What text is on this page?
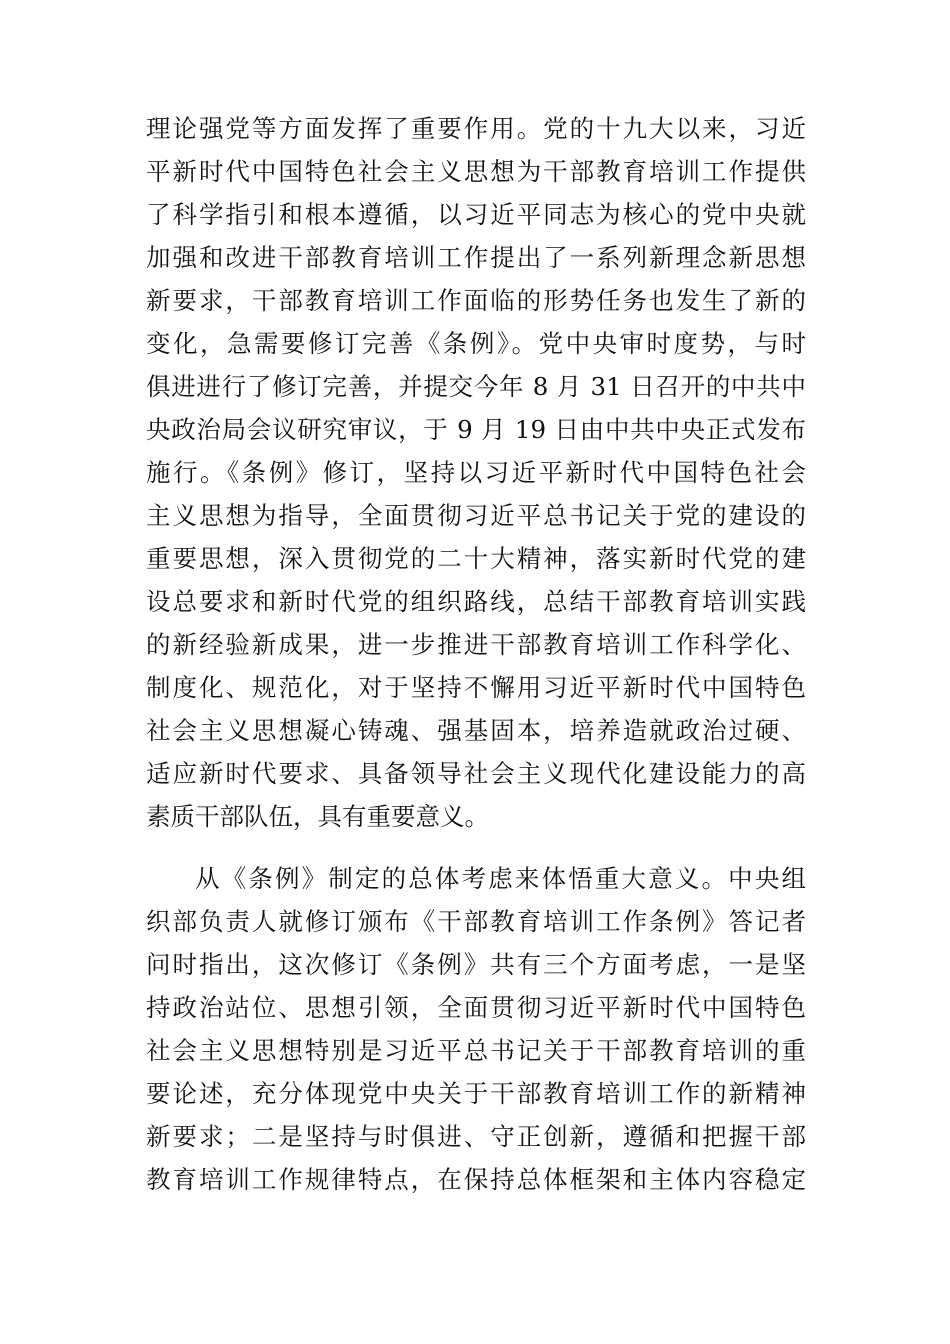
理论强党等方面发挥了重要作用。党的十九大以来，习近
平新时代中国特色社会主义思想为干部教育培训工作提供
了科学指引和根本遵循，以习近平同志为核心的党中央就
加强和改进干部教育培训工作提出了一系列新理念新思想
新要求，干部教育培训工作面临的形势任务也发生了新的
变化，急需要修订完善《条例》。党中央审时度势，与时
俱进进行了修订完善，并提交今年 8 月 31 日召开的中共中
央政治局会议研究审议，于 9 月 19 日由中共中央正式发布
施行。《条例》修订，坚持以习近平新时代中国特色社会
主义思想为指导，全面贯彻习近平总书记关于党的建设的
重要思想，深入贯彻党的二十大精神，落实新时代党的建
设总要求和新时代党的组织路线，总结干部教育培训实践
的新经验新成果，进一步推进干部教育培训工作科学化、
制度化、规范化，对于坚持不懈用习近平新时代中国特色
社会主义思想凝心铸魂、强基固本，培养造就政治过硬、
适应新时代要求、具备领导社会主义现代化建设能力的高
素质干部队伍，具有重要意义。
从《条例》制定的总体考虑来体悟重大意义。中央组
织部负责人就修订颁布《干部教育培训工作条例》答记者
问时指出，这次修订《条例》共有三个方面考虑，一是坚
持政治站位、思想引领，全面贯彻习近平新时代中国特色
社会主义思想特别是习近平总书记关于干部教育培训的重
要论述，充分体现党中央关于干部教育培训工作的新精神
新要求；二是坚持与时俱进、守正创新，遵循和把握干部
教育培训工作规律特点，在保持总体框架和主体内容稳定
